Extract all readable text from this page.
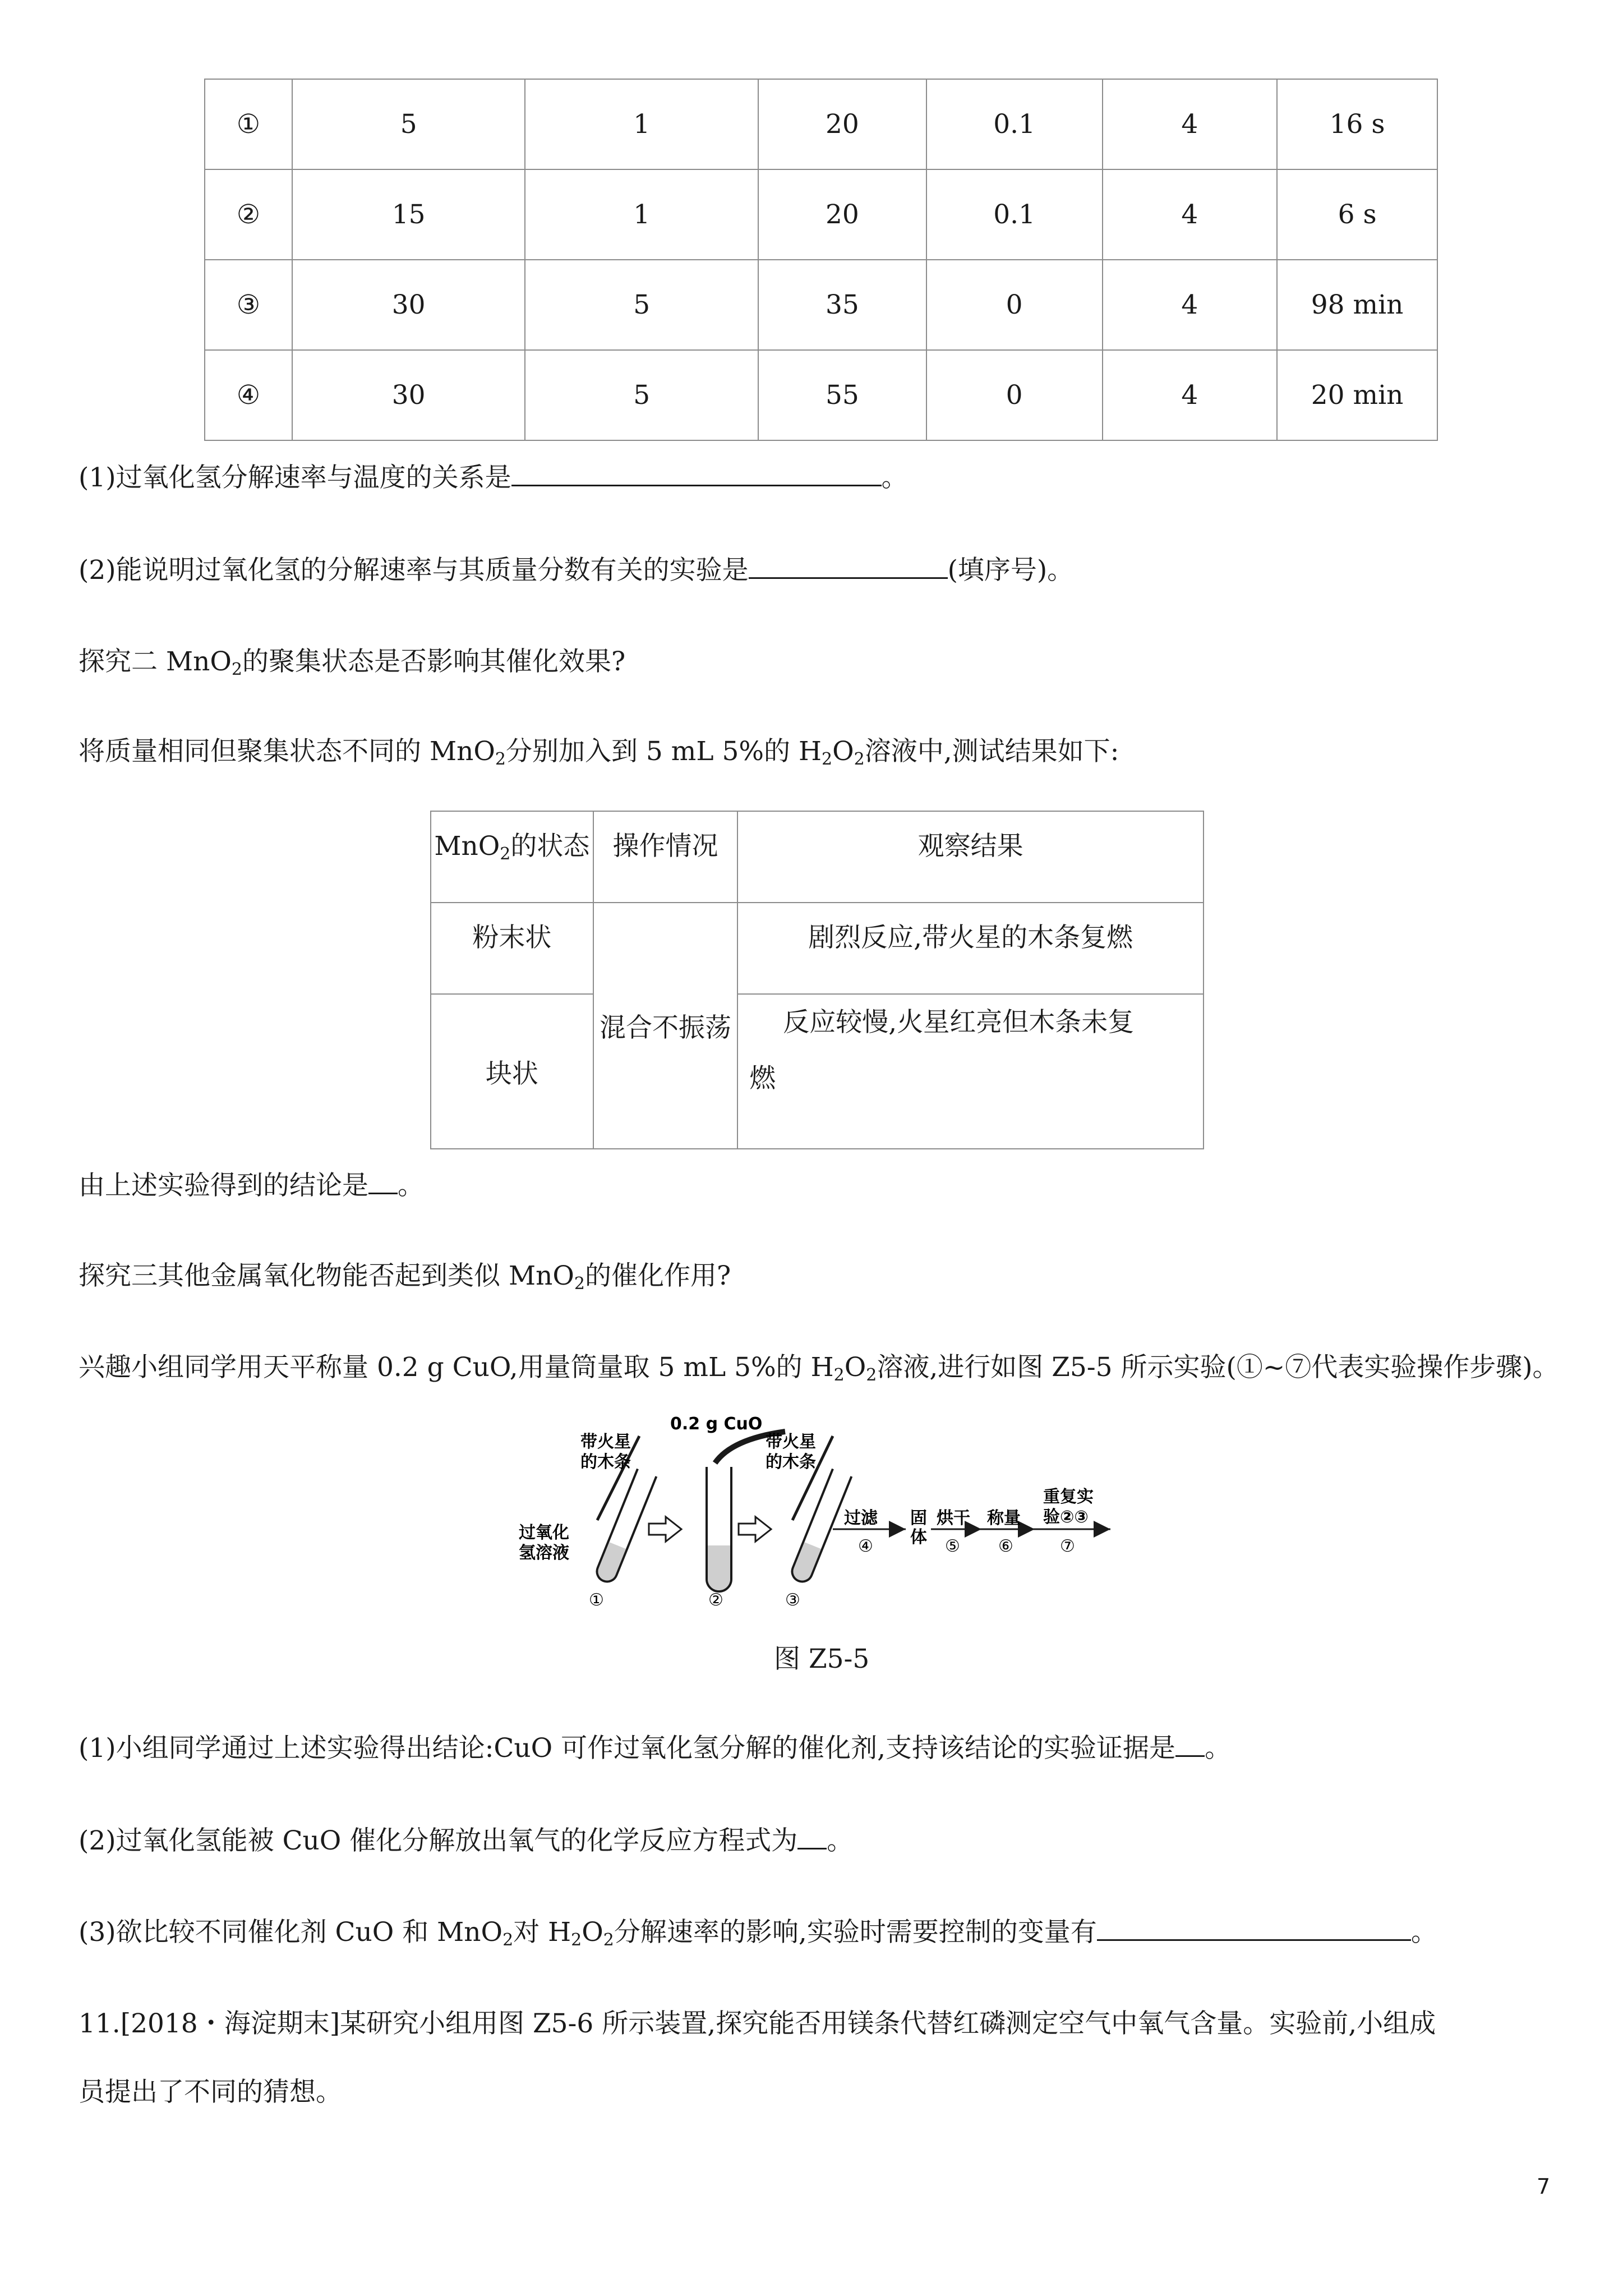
①	5	1	20	0.1	4	16 s
②	15	1	20	0.1	4	6 s
③	30	5	35	0	4	98 min
④	30	5	55	0	4	20 min
(1)过氧化氢分解速率与温度的关系是	。
(2)能说明过氧化氢的分解速率与其质量分数有关的实验是	(填序号)。
探究二 MnO$_2$的聚集状态是否影响其催化效果?
将质量相同但聚集状态不同的 MnO$_2$分别加入到 5 mL 5%的 $H_2O_2$溶液中,测试结果如下:
MnO$_2$的状态	操作情况	观察结果
粉末状	混合不振荡	剧烈反应,带火星的木条复燃
块状		反应较慢,火星红亮但木条未复
燃
由上述实验得到的结论是 。
探究三其他金属氧化物能否起到类似 MnO$_2$的催化作用?
兴趣小组同学用天平称量 0.2 g CuO,用量筒量取 5 mL 5%的 $H_2O_2$溶液,进行如图 Z5-5 所示实验(①~⑦代表实验操作步骤)。
带火星的木条
过氧化氢溶液
①
0.2 g CuO
②
带火星的木条
③
过滤
④
固体
烘干
⑤
称量
⑥
重复实验②③
⑦
图 Z5-5
(1)小组同学通过上述实验得出结论:CuO 可作过氧化氢分解的催化剂,支持该结论的实验证据是 。
(2)过氧化氢能被 CuO 催化分解放出氧气的化学反应方程式为 。
(3)欲比较不同催化剂 CuO 和 MnO$_2$对 $H_2O_2$分解速率的影响,实验时需要控制的变量有	。
11.[2018・海淀期末]某研究小组用图 Z5-6 所示装置,探究能否用镁条代替红磷测定空气中氧气含量。实验前,小组成
员提出了不同的猜想。
7
